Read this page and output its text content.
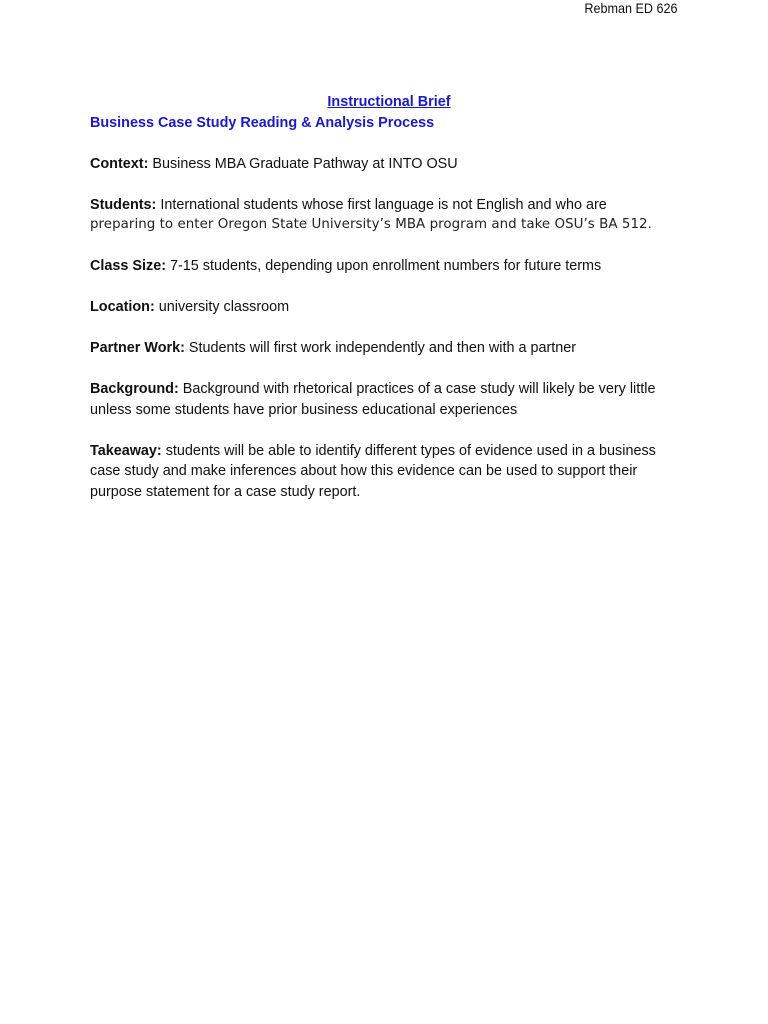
Rebman ED 626

Instructional Brief

Business Case Study Reading & Analysis Process

Context: Business MBA Graduate Pathway at INTO OSU

Students: International students whose first language is not English and who are
preparing to enter Oregon State University’s MBA program and take OSU’s BA 512.

Class Size: 7-15 students, depending upon enrollment numbers for future terms

Location: university classroom

Partner Work: Students will first work independently and then with a partner

Background: Background with rhetorical practices of a case study will likely be very little unless some students have prior business educational experiences

Takeaway: students will be able to identify different types of evidence used in a business case study and make inferences about how this evidence can be used to support their purpose statement for a case study report.
